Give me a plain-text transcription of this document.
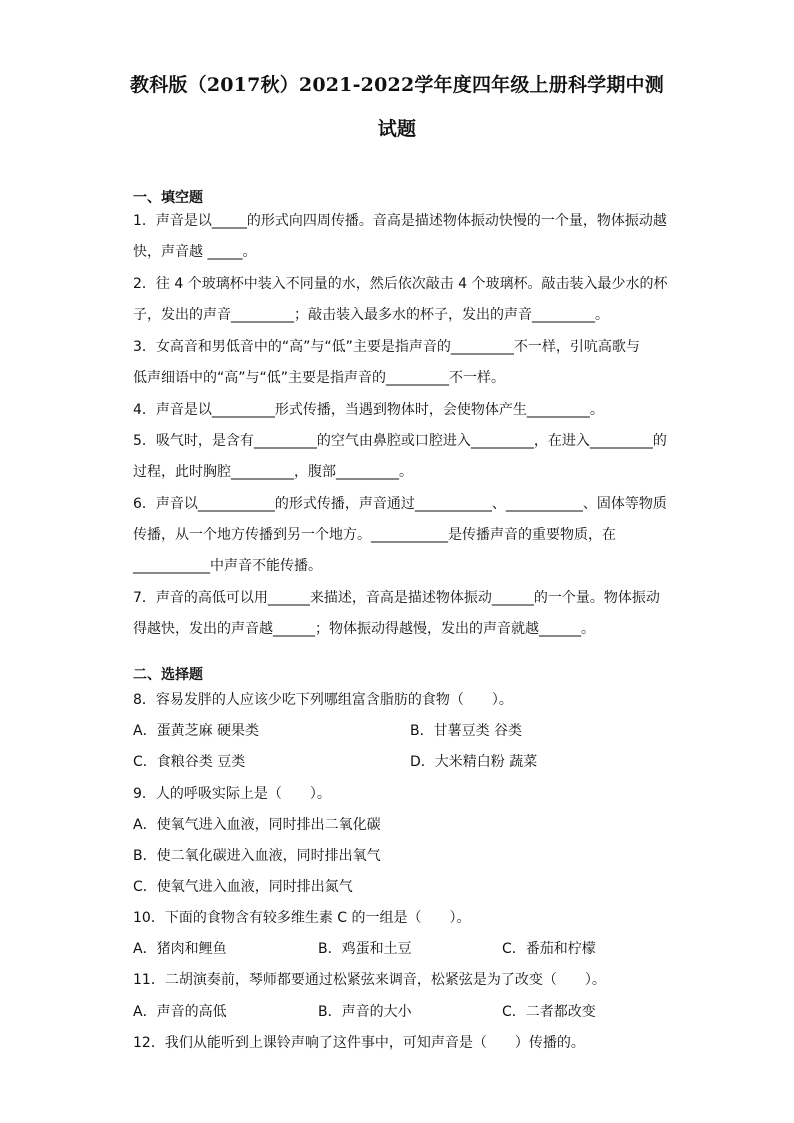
教科版（2017秋）2021-2022学年度四年级上册科学期中测
试题
一、填空题
1．声音是以_____的形式向四周传播。音高是描述物体振动快慢的一个量，物体振动越
快，声音越 _____。
2．往 4 个玻璃杯中装入不同量的水，然后依次敲击 4 个玻璃杯。敲击装入最少水的杯
子，发出的声音_________；敲击装入最多水的杯子，发出的声音_________。
3．女高音和男低音中的“高”与“低”主要是指声音的_________不一样，引吭高歌与
低声细语中的“高”与“低”主要是指声音的_________不一样。
4．声音是以_________形式传播，当遇到物体时，会使物体产生_________。
5．吸气时，是含有_________的空气由鼻腔或口腔进入_________，在进入_________的
过程，此时胸腔_________，腹部_________。
6．声音以___________的形式传播，声音通过___________、___________、固体等物质
传播，从一个地方传播到另一个地方。___________是传播声音的重要物质，在
___________中声音不能传播。
7．声音的高低可以用______来描述，音高是描述物体振动______的一个量。物体振动
得越快，发出的声音越______；物体振动得越慢，发出的声音就越______。
二、选择题
8．容易发胖的人应该少吃下列哪组富含脂肪的食物（　　）。
A．蛋黄芝麻 硬果类	B．甘薯豆类 谷类
C．食粮谷类 豆类	D．大米精白粉 蔬菜
9．人的呼吸实际上是（　　）。
A．使氧气进入血液，同时排出二氧化碳
B．使二氧化碳进入血液，同时排出氧气
C．使氧气进入血液，同时排出氮气
10．下面的食物含有较多维生素 C 的一组是（　　）。
A．猪肉和鲤鱼	B．鸡蛋和土豆	C．番茄和柠檬
11．二胡演奏前，琴师都要通过松紧弦来调音，松紧弦是为了改变（　　）。
A．声音的高低	B．声音的大小	C．二者都改变
12．我们从能听到上课铃声响了这件事中，可知声音是（　　）传播的。
